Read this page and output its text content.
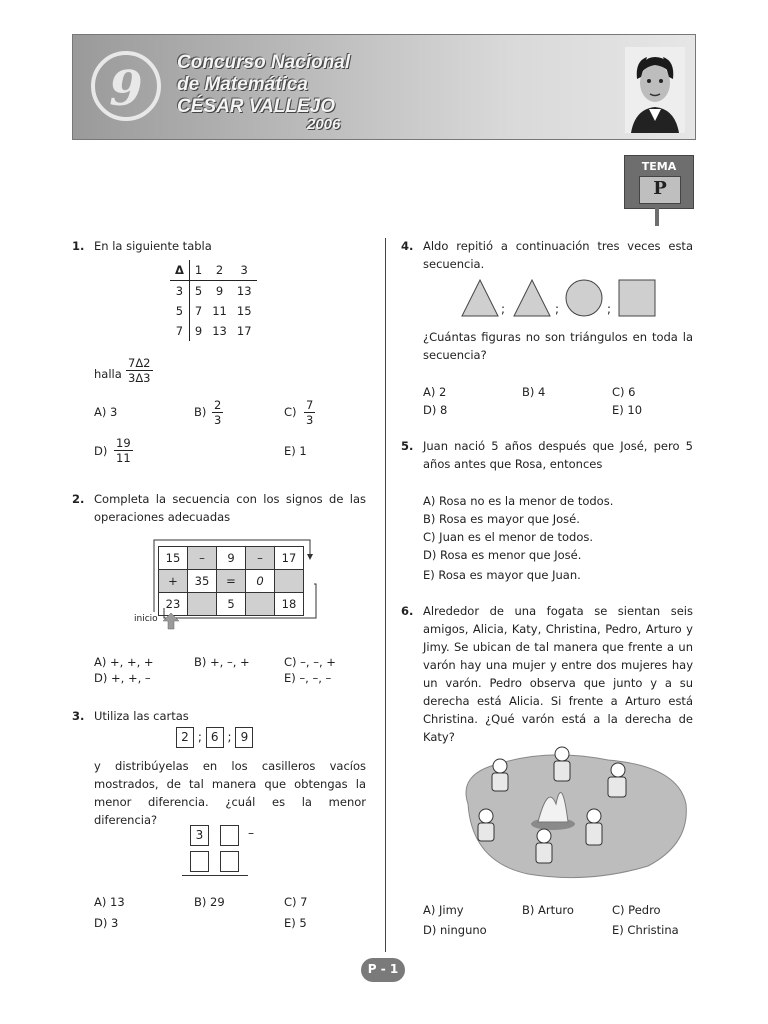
9	Concurso Nacional
de Matemática
CÉSAR VALLEJO
2006
TEMA
P
1. En la siguiente tabla
Δ	1	2	3
3	5	9	13
5	7	11	15
7	9	13	17
halla $\frac{7\Delta 2}{3\Delta 3}$
A) 3	$B) \frac{2}{3}$	$C) \frac{7}{3}$
$D) \frac{19}{11}$	E) 1
2. Completa la secuencia con los signos de las operaciones adecuadas
15	–	9	–	17
+	35	=	0	
23		5		18
inicio
A) +, +, +	B) +, –, +	C) –, –, +
D) +, +, –	E) –, –, –
3. Utiliza las cartas
2 ; 6 ; 9
y distribúyelas en los casilleros vacíos mostrados, de tal manera que obtengas la menor diferencia. ¿cuál es la menor diferencia?
3	–
A) 13	B) 29	C) 7
D) 3	E) 5
4. Aldo repitió a continuación tres veces esta secuencia.
;	;	;
¿Cuántas figuras no son triángulos en toda la secuencia?
A) 2	B) 4	C) 6
D) 8	E) 10
5. Juan nació 5 años después que José, pero 5 años antes que Rosa, entonces
A) Rosa no es la menor de todos.
B) Rosa es mayor que José.
C) Juan es el menor de todos.
D) Rosa es menor que José.
E) Rosa es mayor que Juan.
6. Alrededor de una fogata se sientan seis amigos, Alicia, Katy, Christina, Pedro, Arturo y Jimy. Se ubican de tal manera que frente a un varón hay una mujer y entre dos mujeres hay un varón. Pedro observa que junto y a su derecha está Alicia. Si frente a Arturo está Christina. ¿Qué varón está a la derecha de Katy?
A) Jimy	B) Arturo	C) Pedro
D) ninguno	E) Christina
P - 1
